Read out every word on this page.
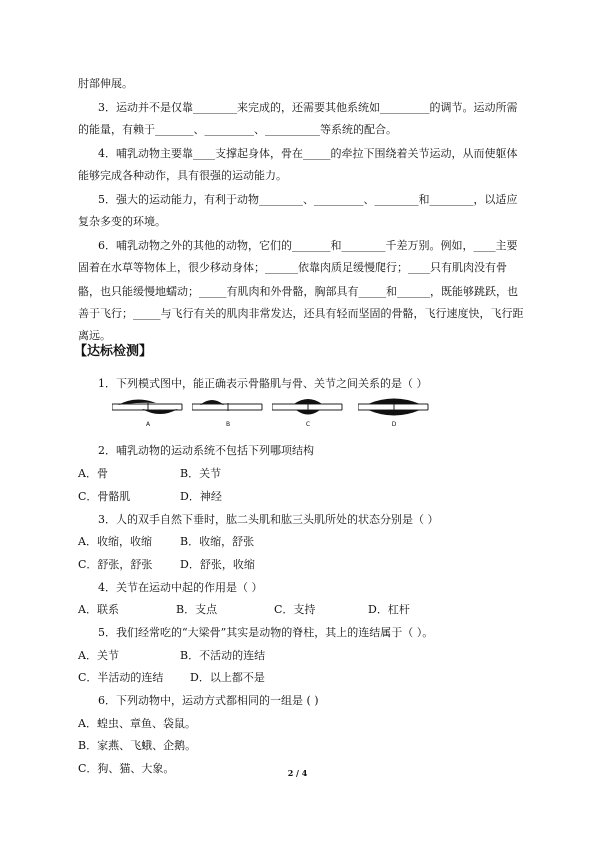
肘部伸展。
3．运动并不是仅靠________来完成的，还需要其他系统如_________的调节。运动所需
的能量，有赖于_______、_________、__________等系统的配合。
4．哺乳动物主要靠____支撑起身体，骨在_____的牵拉下围绕着关节运动，从而使躯体
能够完成各种动作，具有很强的运动能力。
5．强大的运动能力，有利于动物________、_________、________和________，以适应
复杂多变的环境。
6．哺乳动物之外的其他的动物，它们的_______和________千差万别。例如，____主要
固着在水草等物体上，很少移动身体；______依靠肉质足缓慢爬行；____只有肌肉没有骨
骼，也只能缓慢地蠕动；_____有肌肉和外骨骼，胸部具有_____和______，既能够跳跃，也
善于飞行；_____与飞行有关的肌肉非常发达，还具有轻而坚固的骨骼，飞行速度快，飞行距
离远。
【达标检测】
1．下列模式图中，能正确表示骨骼肌与骨、关节之间关系的是（ ）
A	B	C	D
2．哺乳动物的运动系统不包括下列哪项结构
A．骨	B．关节
C．骨骼肌	D．神经
3．人的双手自然下垂时，肱二头肌和肱三头肌所处的状态分别是（ ）
A．收缩，收缩	B．收缩，舒张
C．舒张，舒张	D．舒张，收缩
4．关节在运动中起的作用是（ ）
A．联系	B．支点	C．支持	D．杠杆
5．我们经常吃的“大梁骨”其实是动物的脊柱，其上的连结属于（ ）。
A．关节	B．不活动的连结
C．半活动的连结 D．以上都不是
6．下列动物中，运动方式都相同的一组是 ( )
A．蝗虫、章鱼、袋鼠。
B．家燕、飞蛾、企鹅。
C．狗、猫、大象。	2 / 4
